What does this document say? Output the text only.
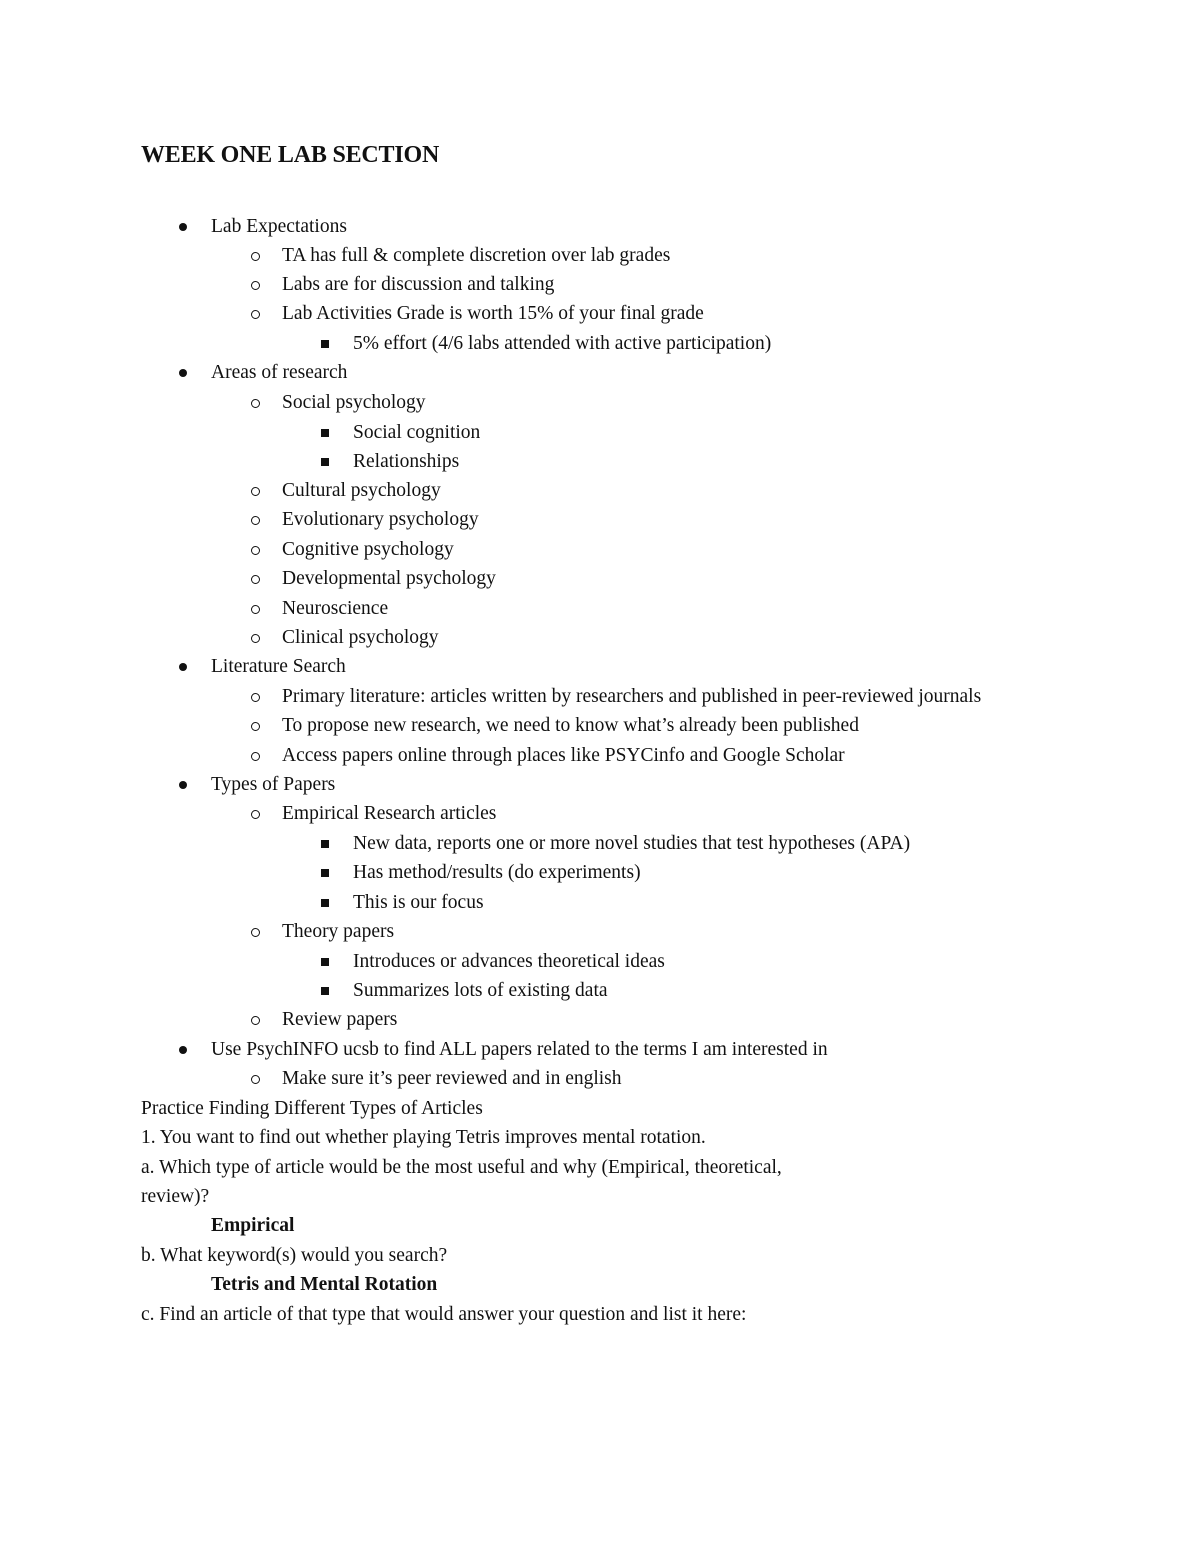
WEEK ONE LAB SECTION
Lab Expectations
TA has full & complete discretion over lab grades
Labs are for discussion and talking
Lab Activities Grade is worth 15% of your final grade
5% effort (4/6 labs attended with active participation)
Areas of research
Social psychology
Social cognition
Relationships
Cultural psychology
Evolutionary psychology
Cognitive psychology
Developmental psychology
Neuroscience
Clinical psychology
Literature Search
Primary literature: articles written by researchers and published in peer-reviewed journals
To propose new research, we need to know what’s already been published
Access papers online through places like PSYCinfo and Google Scholar
Types of Papers
Empirical Research articles
New data, reports one or more novel studies that test hypotheses (APA)
Has method/results (do experiments)
This is our focus
Theory papers
Introduces or advances theoretical ideas
Summarizes lots of existing data
Review papers
Use PsychINFO ucsb to find ALL papers related to the terms I am interested in
Make sure it’s peer reviewed and in english
Practice Finding Different Types of Articles
1. You want to find out whether playing Tetris improves mental rotation.
a. Which type of article would be the most useful and why (Empirical, theoretical,
review)?
Empirical
b. What keyword(s) would you search?
Tetris and Mental Rotation
c. Find an article of that type that would answer your question and list it here:
